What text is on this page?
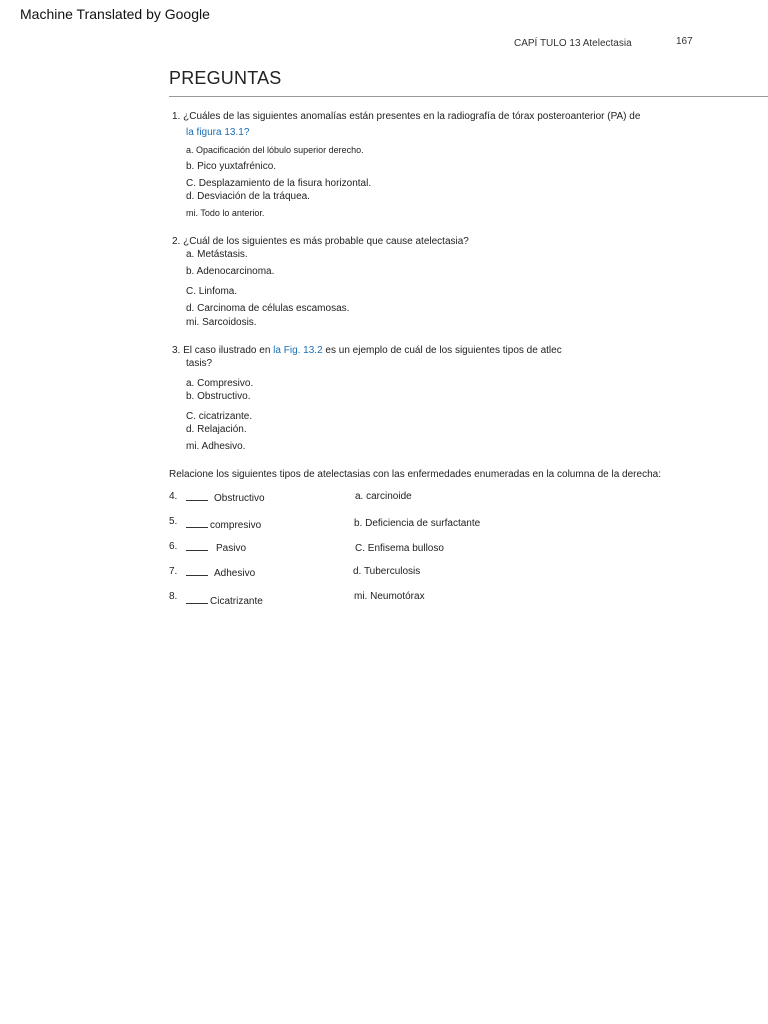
Machine Translated by Google
CAPÍ TULO 13 Atelectasia	167
PREGUNTAS
1. ¿Cuáles de las siguientes anomalías están presentes en la radiografía de tórax posteroanterior (PA) de
la figura 13.1?
a. Opacificación del lóbulo superior derecho.
b. Pico yuxtafrénico.
C. Desplazamiento de la fisura horizontal.
d. Desviación de la tráquea.
mi. Todo lo anterior.
2. ¿Cuál de los siguientes es más probable que cause atelectasia?
a. Metástasis.
b. Adenocarcinoma.
C. Linfoma.
d. Carcinoma de células escamosas.
mi. Sarcoidosis.
3. El caso ilustrado en la Fig. 13.2 es un ejemplo de cuál de los siguientes tipos de atlec
tasis?
a. Compresivo.
b. Obstructivo.
C. cicatrizante.
d. Relajación.
mi. Adhesivo.
Relacione los siguientes tipos de atelectasias con las enfermedades enumeradas en la columna de la derecha:
4.	Obstructivo	a. carcinoide
5.	compresivo	b. Deficiencia de surfactante
6.	Pasivo	C. Enfisema bulloso
7.	Adhesivo	d. Tuberculosis
8.	Cicatrizante	mi. Neumotórax
